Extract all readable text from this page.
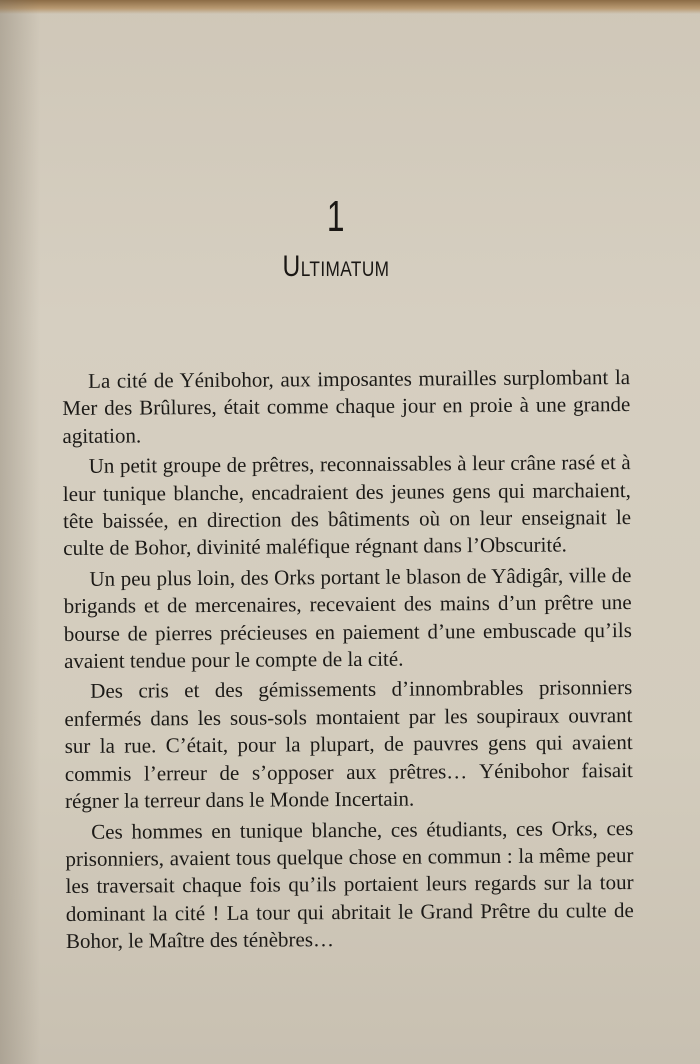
1
Ultimatum

La cité de Yénibohor, aux imposantes murailles surplombant la Mer des Brûlures, était comme chaque jour en proie à une grande agitation.

Un petit groupe de prêtres, reconnaissables à leur crâne rasé et à leur tunique blanche, encadraient des jeunes gens qui marchaient, tête baissée, en direction des bâtiments où on leur enseignait le culte de Bohor, divinité maléfique régnant dans l’Obscurité.

Un peu plus loin, des Orks portant le blason de Yâdigâr, ville de brigands et de mercenaires, recevaient des mains d’un prêtre une bourse de pierres précieuses en paiement d’une embuscade qu’ils avaient tendue pour le compte de la cité.

Des cris et des gémissements d’innombrables prisonniers enfermés dans les sous-sols montaient par les soupiraux ouvrant sur la rue. C’était, pour la plupart, de pauvres gens qui avaient commis l’erreur de s’opposer aux prêtres… Yénibohor faisait régner la terreur dans le Monde Incertain.

Ces hommes en tunique blanche, ces étudiants, ces Orks, ces prisonniers, avaient tous quelque chose en commun : la même peur les traversait chaque fois qu’ils portaient leurs regards sur la tour dominant la cité ! La tour qui abritait le Grand Prêtre du culte de Bohor, le Maître des ténèbres…
